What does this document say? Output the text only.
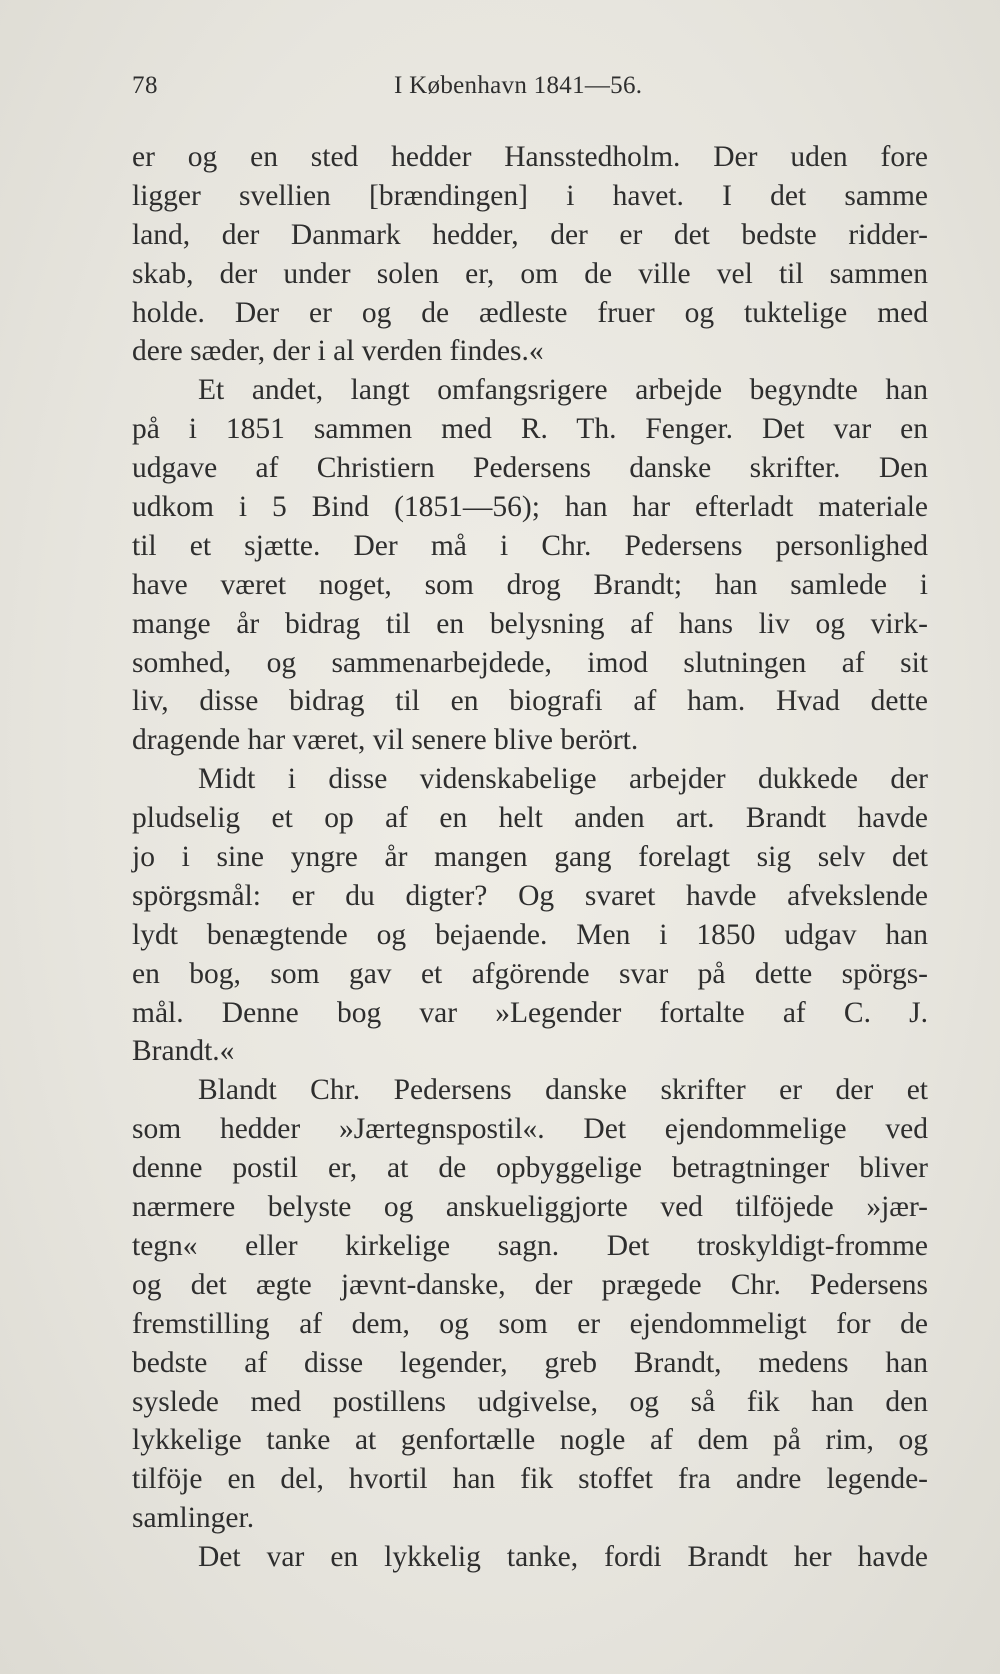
78	I København 1841—56.
er og en sted hedder Hansstedholm. Der uden fore
ligger svellien [brændingen] i havet. I det samme
land, der Danmark hedder, der er det bedste ridder-
skab, der under solen er, om de ville vel til sammen
holde. Der er og de ædleste fruer og tuktelige med
dere sæder, der i al verden findes.«
Et andet, langt omfangsrigere arbejde begyndte han
på i 1851 sammen med R. Th. Fenger. Det var en
udgave af Christiern Pedersens danske skrifter. Den
udkom i 5 Bind (1851—56); han har efterladt materiale
til et sjætte. Der må i Chr. Pedersens personlighed
have været noget, som drog Brandt; han samlede i
mange år bidrag til en belysning af hans liv og virk-
somhed, og sammenarbejdede, imod slutningen af sit
liv, disse bidrag til en biografi af ham. Hvad dette
dragende har været, vil senere blive berört.
Midt i disse videnskabelige arbejder dukkede der
pludselig et op af en helt anden art. Brandt havde
jo i sine yngre år mangen gang forelagt sig selv det
spörgsmål: er du digter? Og svaret havde afvekslende
lydt benægtende og bejaende. Men i 1850 udgav han
en bog, som gav et afgörende svar på dette spörgs-
mål. Denne bog var »Legender fortalte af C. J.
Brandt.«
Blandt Chr. Pedersens danske skrifter er der et
som hedder »Jærtegnspostil«. Det ejendommelige ved
denne postil er, at de opbyggelige betragtninger bliver
nærmere belyste og anskueliggjorte ved tilföjede »jær-
tegn« eller kirkelige sagn. Det troskyldigt-fromme
og det ægte jævnt-danske, der prægede Chr. Pedersens
fremstilling af dem, og som er ejendommeligt for de
bedste af disse legender, greb Brandt, medens han
syslede med postillens udgivelse, og så fik han den
lykkelige tanke at genfortælle nogle af dem på rim, og
tilföje en del, hvortil han fik stoffet fra andre legende-
samlinger.
Det var en lykkelig tanke, fordi Brandt her havde
